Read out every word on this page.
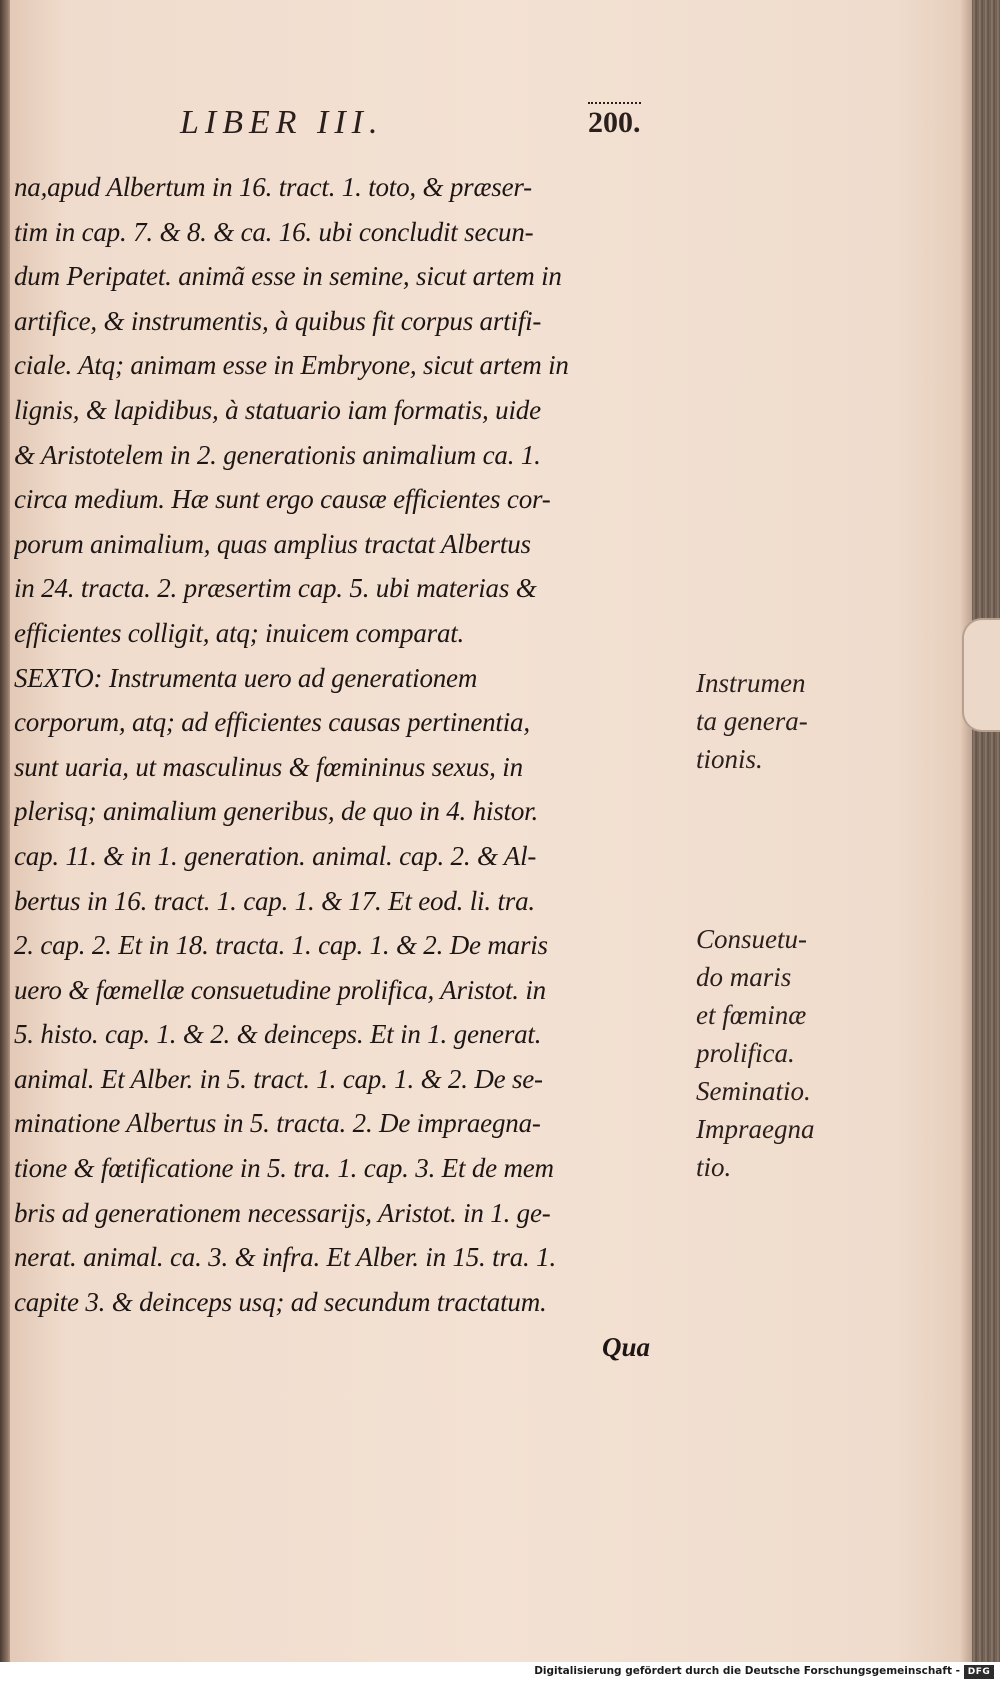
LIBER III.	200.
na,apud Albertum in 16. tract. 1. toto, & præser-
tim in cap. 7. & 8. & ca. 16. ubi concludit secun-
dum Peripatet. animã esse in semine, sicut artem in
artifice, & instrumentis, à quibus fit corpus artifi-
ciale. Atq; animam esse in Embryone, sicut artem in
lignis, & lapidibus, à statuario iam formatis, uide
& Aristotelem in 2. generationis animalium ca. 1.
circa medium. Hæ sunt ergo causæ efficientes cor-
porum animalium, quas amplius tractat Albertus
in 24. tracta. 2. præsertim cap. 5. ubi materias &
efficientes colligit, atq; inuicem comparat.
SEXTO: Instrumenta uero ad generationem
corporum, atq; ad efficientes causas pertinentia,
sunt uaria, ut masculinus & fœmininus sexus, in
plerisq; animalium generibus, de quo in 4. histor.
cap. 11. & in 1. generation. animal. cap. 2. & Al-
bertus in 16. tract. 1. cap. 1. & 17. Et eod. li. tra.
2. cap. 2. Et in 18. tracta. 1. cap. 1. & 2. De maris
uero & fœmellæ consuetudine prolifica, Aristot. in
5. histo. cap. 1. & 2. & deinceps. Et in 1. generat.
animal. Et Alber. in 5. tract. 1. cap. 1. & 2. De se-
minatione Albertus in 5. tracta. 2. De impraegna-
tione & fœtificatione in 5. tra. 1. cap. 3. Et de mem
bris ad generationem necessarijs, Aristot. in 1. ge-
nerat. animal. ca. 3. & infra. Et Alber. in 15. tra. 1.
capite 3. & deinceps usq; ad secundum tractatum.
Qua
Instrumen
ta genera-
tionis.
Consuetu-
do maris
et fœminæ
prolifica.
Seminatio.
Impraegna
tio.
Digitalisierung gefördert durch die Deutsche Forschungsgemeinschaft - DFG
